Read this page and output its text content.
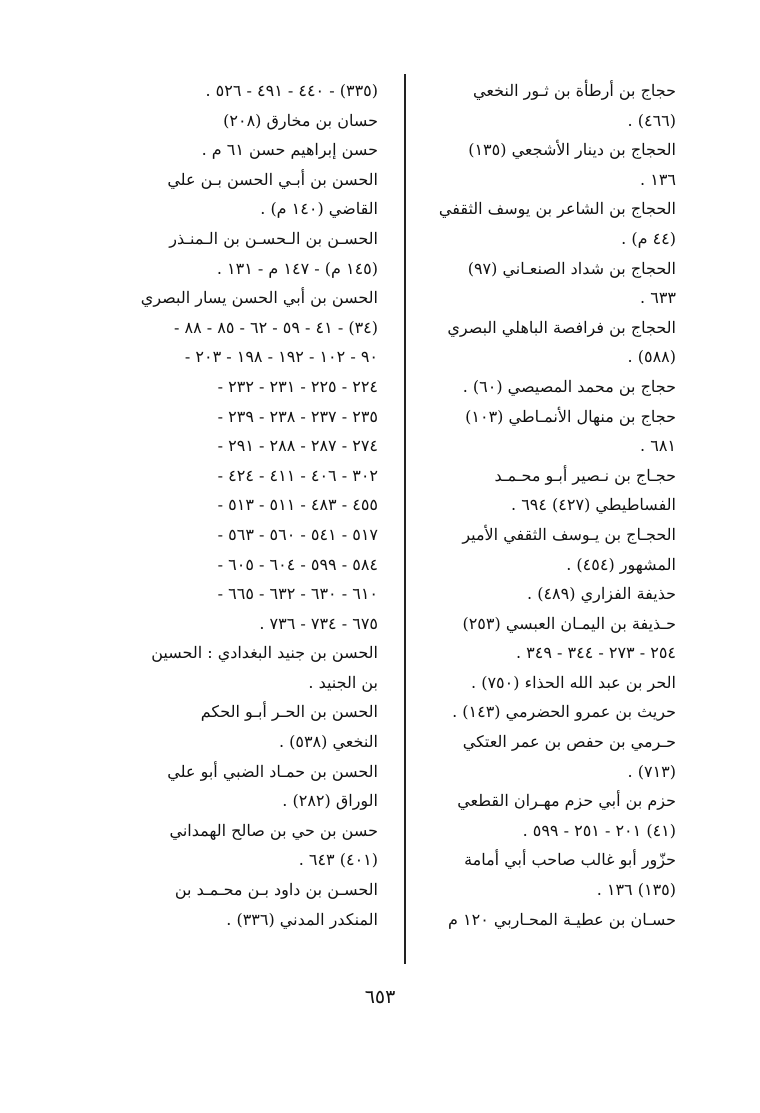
حجاج بن أرطأة بن ثـور النخعي

(٤٦٦) .

الحجاج بن دينار الأشجعي (١٣٥)

١٣٦ .

الحجاج بن الشاعر بن يوسف الثقفي

(٤٤ م) .

الحجاج بن شداد الصنعـاني (٩٧)

٦٣٣ .

الحجاج بن فرافصة الباهلي البصري

(٥٨٨) .

حجاج بن محمد المصيصي (٦٠) .

حجاج بن منهال الأنمـاطي (١٠٣)

٦٨١ .

حجـاج بن نـصير أبـو محـمـد

الفساطيطي (٤٢٧) ٦٩٤ .

الحجـاج بن يـوسف الثقفي الأمير

المشهور (٤٥٤) .

حذيفة الفزاري (٤٨٩) .

حـذيفة بن اليمـان العبسي (٢٥٣)

٢٥٤ - ٢٧٣ - ٣٤٤ - ٣٤٩ .

الحر بن عبد الله الحذاء (٧٥٠) .

حريث بن عمرو الحضرمي (١٤٣) .

حـرمي بن حفص بن عمر العتكي

(٧١٣) .

حزم بن أبي حزم مهـران القطعي

(٤١) ٢٠١ - ٢٥١ - ٥٩٩ .

حزّور أبو غالب صاحب أبي أمامة

(١٣٥) ١٣٦ .

حسـان بن عطيـة المحـاربي ١٢٠ م

(٣٣٥) - ٤٤٠ - ٤٩١ - ٥٢٦ .

حسان بن مخارق (٢٠٨)

حسن إبراهيم حسن ٦١ م .

الحسن بن أبـي الحسن بـن علي

القاضي (١٤٠ م) .

الحسـن بن الـحسـن بن الـمنـذر

(١٤٥ م) - ١٤٧ م - ١٣١ .

الحسن بن أبي الحسن يسار البصري

(٣٤) - ٤١ - ٥٩ - ٦٢ - ٨٥ - ٨٨ -

٩٠ - ١٠٢ - ١٩٢ - ١٩٨ - ٢٠٣ -

٢٢٤ - ٢٢٥ - ٢٣١ - ٢٣٢ -

٢٣٥ - ٢٣٧ - ٢٣٨ - ٢٣٩ -

٢٧٤ - ٢٨٧ - ٢٨٨ - ٢٩١ -

٣٠٢ - ٤٠٦ - ٤١١ - ٤٢٤ -

٤٥٥ - ٤٨٣ - ٥١١ - ٥١٣ -

٥١٧ - ٥٤١ - ٥٦٠ - ٥٦٣ -

٥٨٤ - ٥٩٩ - ٦٠٤ - ٦٠٥ -

٦١٠ - ٦٣٠ - ٦٣٢ - ٦٦٥ -

٦٧٥ - ٧٣٤ - ٧٣٦ .

الحسن بن جنيد البغدادي : الحسين

بن الجنيد .

الحسن بن الحـر أبـو الحكم

النخعي (٥٣٨) .

الحسن بن حمـاد الضبي أبو علي

الوراق (٢٨٢) .

حسن بن حي بن صالح الهمداني

(٤٠١) ٦٤٣ .

الحسـن بن داود بـن محـمـد بن

المنكدر المدني (٣٣٦) .

٦٥٣
